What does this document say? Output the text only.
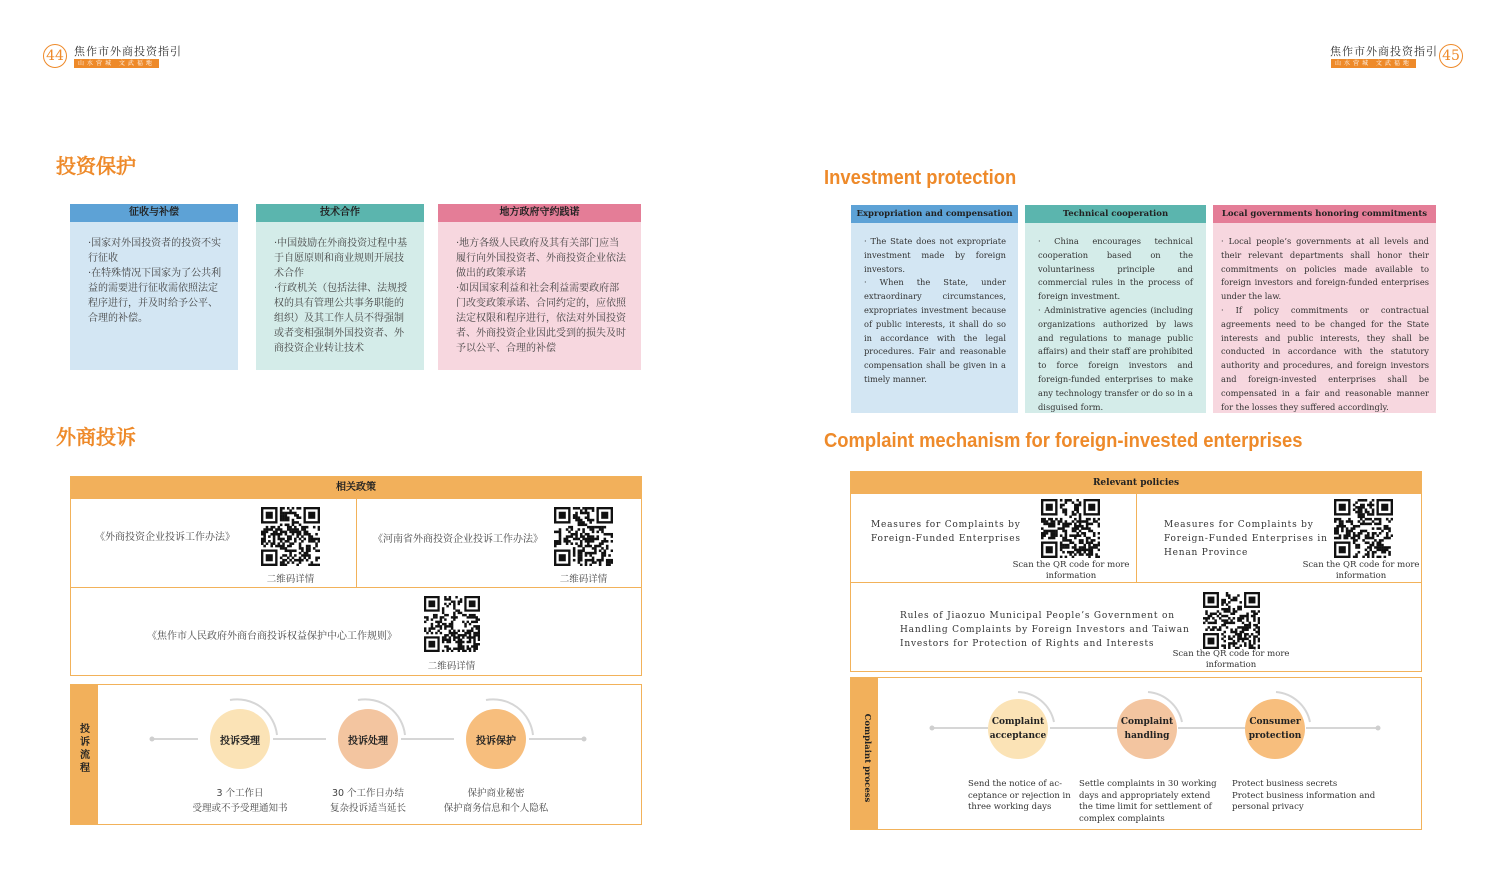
44 焦作市外商投资指引
山水营城 文武福地
投资保护
征收与补偿
·国家对外国投资者的投资不实行征收
·在特殊情况下国家为了公共利益的需要进行征收需依照法定程序进行，并及时给予公平、合理的补偿。
技术合作
·中国鼓励在外商投资过程中基于自愿原则和商业规则开展技术合作
·行政机关（包括法律、法规授权的具有管理公共事务职能的组织）及其工作人员不得强制或者变相强制外国投资者、外商投资企业转让技术
地方政府守约践诺
·地方各级人民政府及其有关部门应当履行向外国投资者、外商投资企业依法做出的政策承诺
·如因国家利益和社会利益需要政府部门改变政策承诺、合同约定的，应依照法定权限和程序进行，依法对外国投资者、外商投资企业因此受到的损失及时予以公平、合理的补偿
外商投诉
相关政策
《外商投资企业投诉工作办法》
二维码详情
《河南省外商投资企业投诉工作办法》
二维码详情
《焦作市人民政府外商台商投诉权益保护中心工作规则》
二维码详情
投诉流程
投诉受理	投诉处理	投诉保护
3 个工作日
受理或不予受理通知书
30 个工作日办结
复杂投诉适当延长
保护商业秘密
保护商务信息和个人隐私
焦作市外商投资指引
山水营城 文武福地 45
Investment protection
Expropriation and compensation
· The State does not expropriate investment made by foreign investors.
· When the State, under extraordinary circumstances, expropriates investment because of public interests, it shall do so in accordance with the legal procedures. Fair and reasonable compensation shall be given in a timely manner.
Technical cooperation
· China encourages technical cooperation based on the voluntariness principle and commercial rules in the process of foreign investment.
· Administrative agencies (including organizations authorized by laws and regulations to manage public affairs) and their staff are prohibited to force foreign investors and foreign-funded enterprises to make any technology transfer or do so in a disguised form.
Local governments honoring commitments
· Local people’s governments at all levels and their relevant departments shall honor their commitments on policies made available to foreign investors and foreign-funded enterprises under the law.
· If policy commitments or contractual agreements need to be changed for the State interests and public interests, they shall be conducted in accordance with the statutory authority and procedures, and foreign investors and foreign-invested enterprises shall be compensated in a fair and reasonable manner for the losses they suffered accordingly.
Complaint mechanism for foreign-invested enterprises
Relevant policies
Measures for Complaints by
Foreign-Funded Enterprises
Scan the QR code for more
information
Measures for Complaints by
Foreign-Funded Enterprises in
Henan Province
Scan the QR code for more
information
Rules of Jiaozuo Municipal People’s Government on
Handling Complaints by Foreign Investors and Taiwan
Investors for Protection of Rights and Interests
Scan the QR code for more
information
Complaint process	Complaint
acceptance
Complaint
handling
Consumer
protection
Send the notice of ac-
ceptance or rejection in
three working days
Settle complaints in 30 working
days and appropriately extend
the time limit for settlement of
complex complaints
Protect business secrets
Protect business information and
personal privacy
